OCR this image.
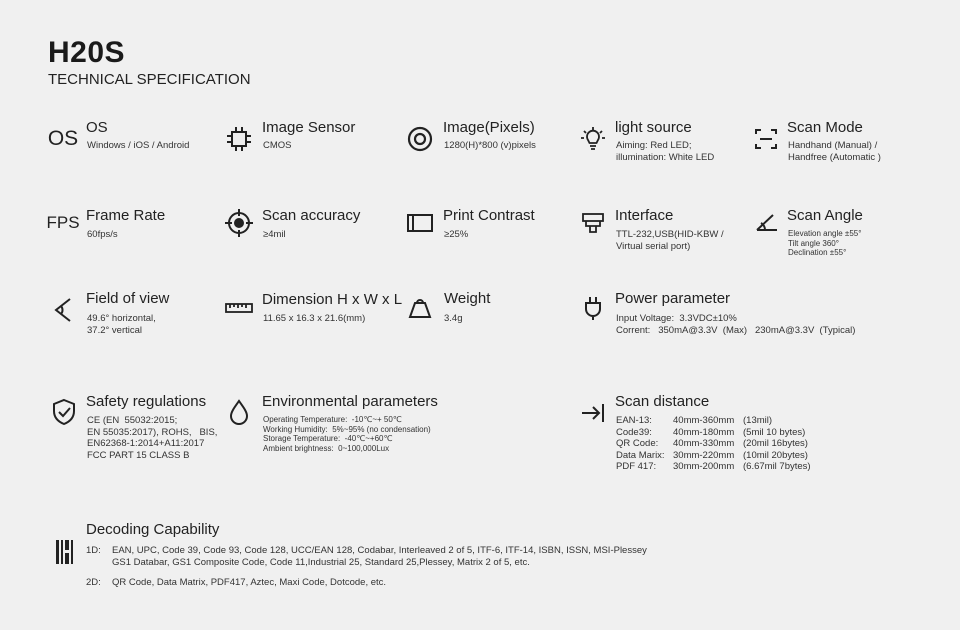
H20S
TECHNICAL SPECIFICATION
OS OS
Windows / iOS / Android
Image Sensor
CMOS
Image(Pixels)
1280(H)*800 (v)pixels
light source
Aiming: Red LED;
illumination: White LED
Scan Mode
Handhand (Manual) /
Handfree (Automatic )
FPS Frame Rate
60fps/s
Scan accuracy
≥4mil
Print Contrast
≥25%
Interface
TTL-232,USB(HID-KBW /
Virtual serial port)
Scan Angle
Elevation angle ±55°
Tilt angle 360°
Declination ±55°
Field of view
49.6° horizontal,
37.2° vertical
Dimension H x W x L
11.65 x 16.3 x 21.6(mm)
Weight
3.4g
Power parameter
Input Voltage:  3.3VDC±10%
Corrent:   350mA@3.3V  (Max)   230mA@3.3V  (Typical)
Safety regulations
CE (EN  55032:2015;
EN 55035:2017), ROHS,   BIS,
EN62368-1:2014+A11:2017
FCC PART 15 CLASS B
Environmental parameters
Operating Temperature:  -10℃~+ 50℃
Working Humidity:  5%~95% (no condensation)
Storage Temperature:  -40℃~+60℃
Ambient brightness:  0~100,000Lux
Scan distance
EAN-13:	40mm-360mm (13mil)
Code39:	40mm-180mm (5mil 10 bytes)
QR Code:	40mm-330mm (20mil 16bytes)
Data Marix: 30mm-220mm (10mil 20bytes)
PDF 417:	30mm-200mm (6.67mil 7bytes)
Decoding Capability
1D:	EAN, UPC, Code 39, Code 93, Code 128, UCC/EAN 128, Codabar, Interleaved 2 of 5, ITF-6, ITF-14, ISBN, ISSN, MSI-Plessey
GS1 Databar, GS1 Composite Code, Code 11,Industrial 25, Standard 25,Plessey, Matrix 2 of 5, etc.
2D:	QR Code, Data Matrix, PDF417, Aztec, Maxi Code, Dotcode, etc.
